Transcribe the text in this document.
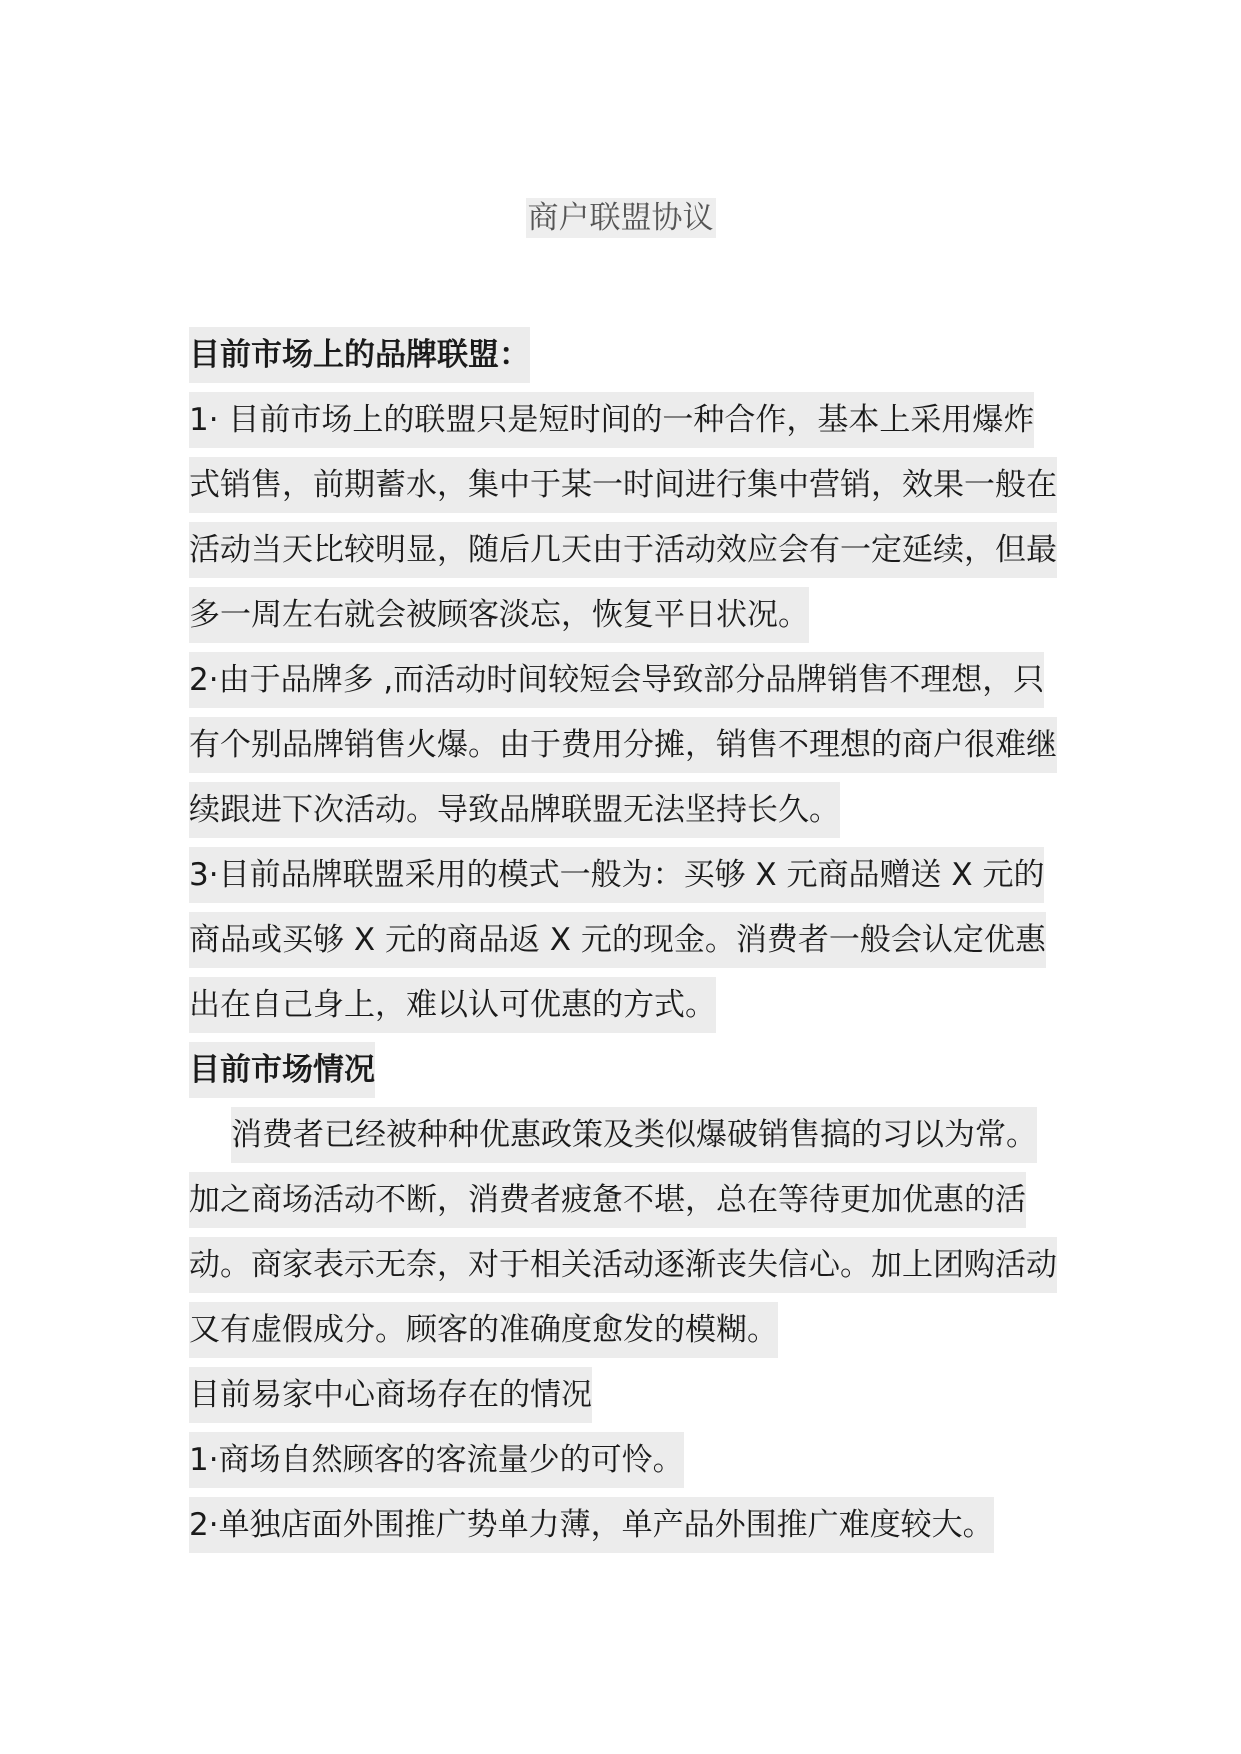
商户联盟协议

目前市场上的品牌联盟：

1· 目前市场上的联盟只是短时间的一种合作，基本上采用爆炸式销售，前期蓄水，集中于某一时间进行集中营销，效果一般在活动当天比较明显，随后几天由于活动效应会有一定延续，但最多一周左右就会被顾客淡忘，恢复平日状况。

2·由于品牌多 ,而活动时间较短会导致部分品牌销售不理想，只有个别品牌销售火爆。由于费用分摊，销售不理想的商户很难继续跟进下次活动。导致品牌联盟无法坚持长久。

3·目前品牌联盟采用的模式一般为：买够 X 元商品赠送 X 元的商品或买够 X 元的商品返 X 元的现金。消费者一般会认定优惠出在自己身上，难以认可优惠的方式。

目前市场情况

消费者已经被种种优惠政策及类似爆破销售搞的习以为常。加之商场活动不断，消费者疲惫不堪，总在等待更加优惠的活动。商家表示无奈，对于相关活动逐渐丧失信心。加上团购活动又有虚假成分。顾客的准确度愈发的模糊。

目前易家中心商场存在的情况

1·商场自然顾客的客流量少的可怜。

2·单独店面外围推广势单力薄，单产品外围推广难度较大。
